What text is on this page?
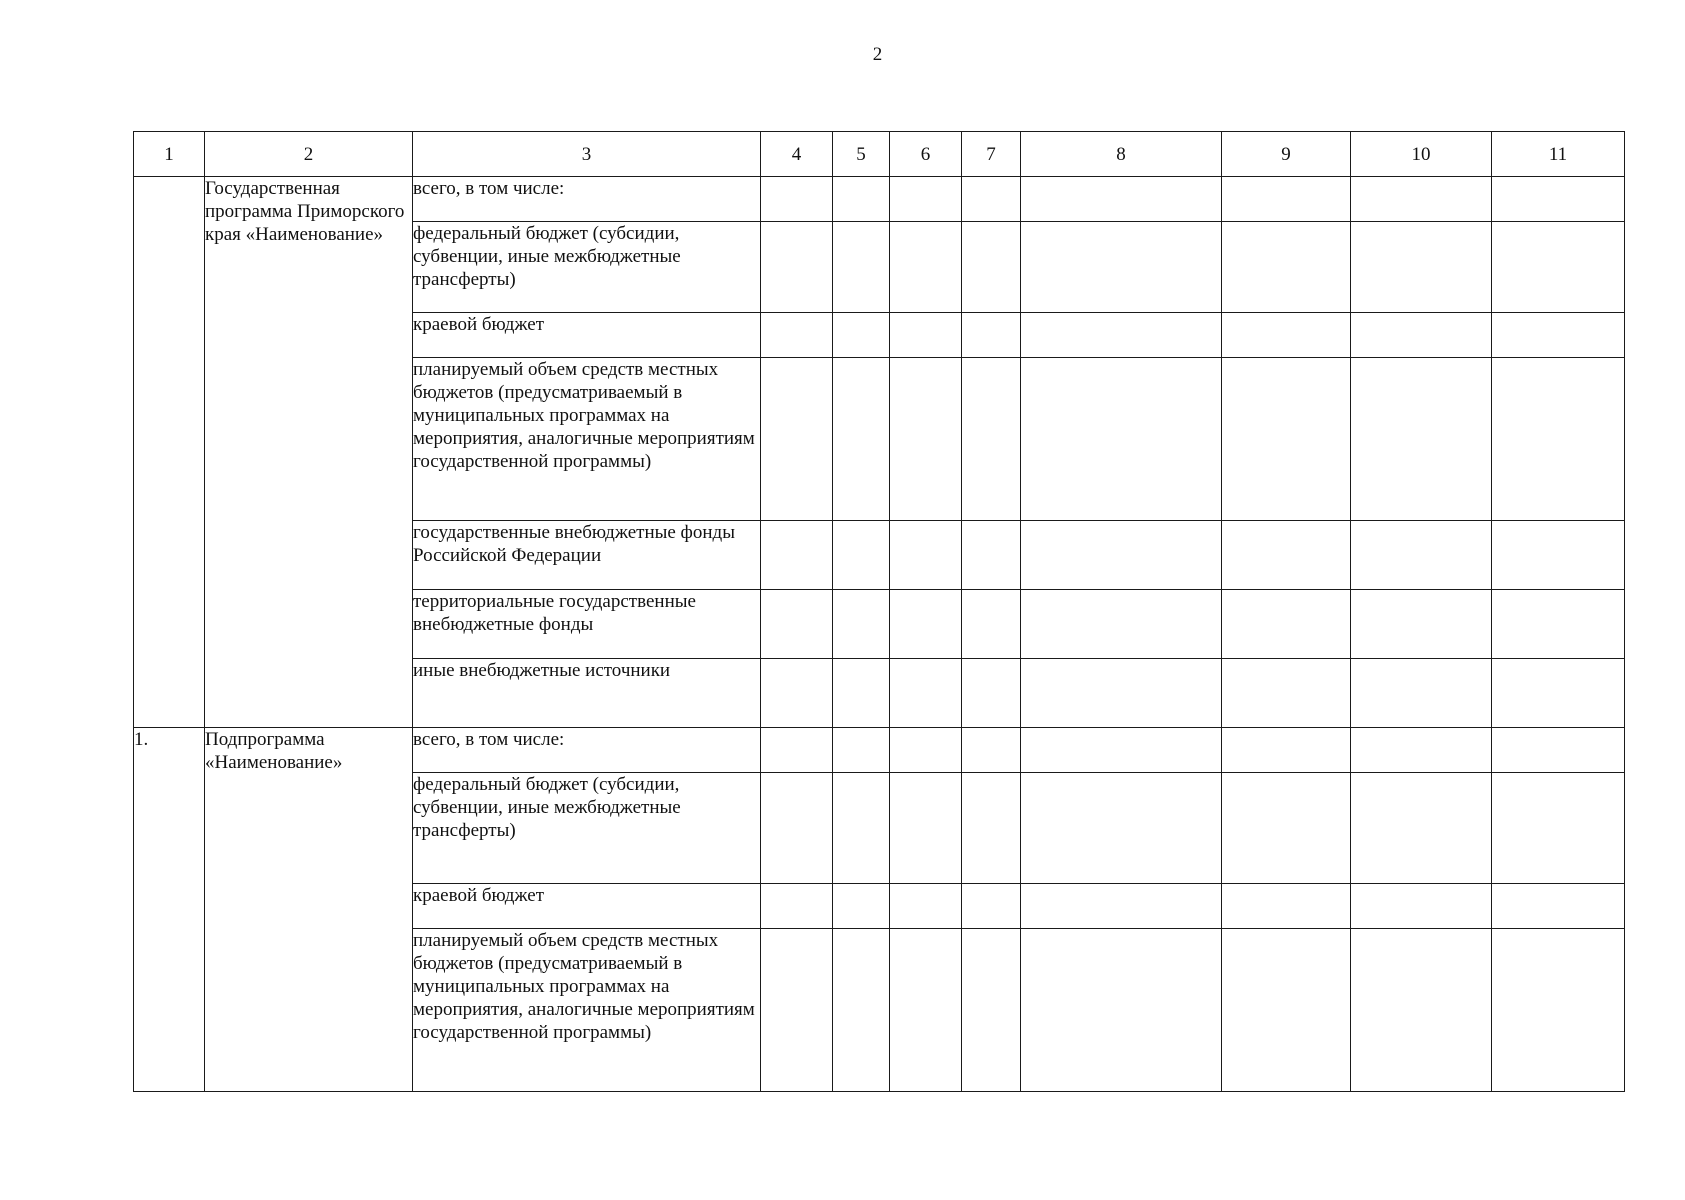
2
1	2	3	4	5	6	7	8	9	10	11
	Государственная программа Приморского края «Наименование»	всего, в том числе:								
		федеральный бюджет (субсидии, субвенции, иные межбюджетные трансферты)								
		краевой бюджет								
		планируемый объем средств местных бюджетов (предусматриваемый в муниципальных программах на мероприятия, аналогичные мероприятиям государственной программы)								
		государственные внебюджетные фонды Российской Федерации								
		территориальные государственные внебюджетные фонды								
		иные внебюджетные источники								
1.	Подпрограмма «Наименование»	всего, в том числе:								
		федеральный бюджет (субсидии, субвенции, иные межбюджетные трансферты)								
		краевой бюджет								
		планируемый объем средств местных бюджетов (предусматриваемый в муниципальных программах на мероприятия, аналогичные мероприятиям государственной программы)								
